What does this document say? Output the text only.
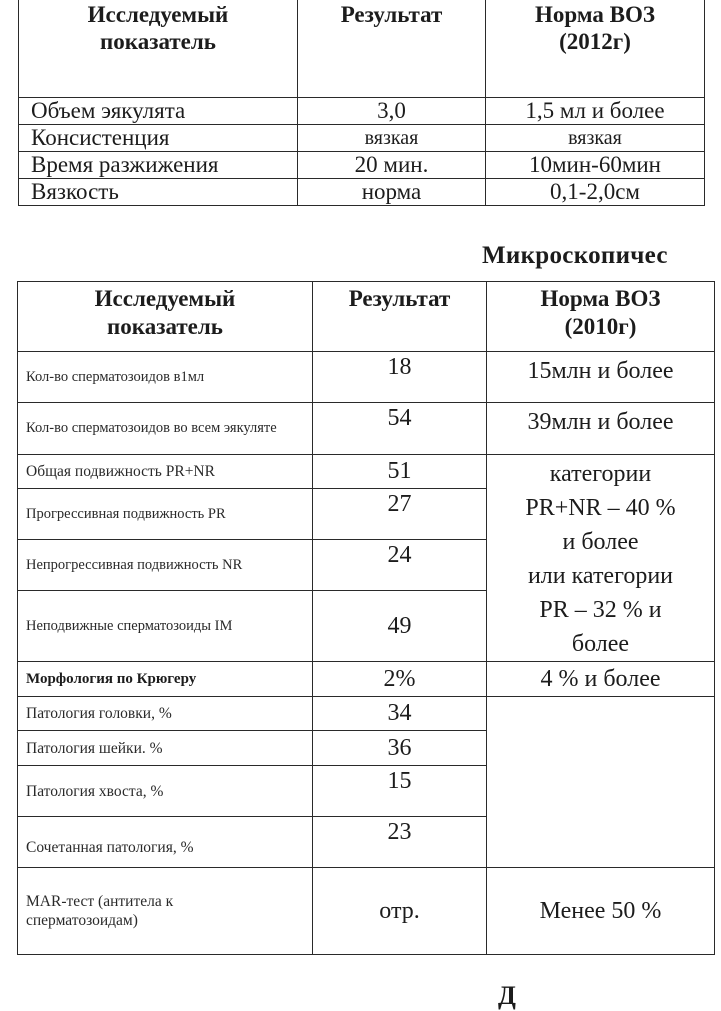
Исследуемый
показатель

Результат	Норма ВОЗ
(2012г)

Объем эякулята	3,0	1,5 мл и более
Консистенция	вязкая	вязкая
Время разжижения	20 мин.	10мин-60мин
Вязкость	норма	0,1-2,0см
Микроскопичес
Исследуемый
показатель

Результат	Норма ВОЗ
(2010г)

Кол-во сперматозоидов в1мл	18	15млн и более
Кол-во сперматозоидов во всем эякуляте	54	39млн и более
Общая подвижность PR+NR	51	категории
PR+NR – 40 %
и более
или категории
PR – 32 % и
более

Прогрессивная подвижность PR	27	
Непрогрессивная подвижность NR	24	
Неподвижные сперматозоиды IM	49	
Морфология по Крюгеру	2%	4 % и более
Патология головки, %	34	
Патология шейки. %	36	
Патология хвоста, %	15	
Сочетанная патология, %	23	
MAR-тест (антитела к сперматозоидам)	отр.	Менее 50 %
Д
